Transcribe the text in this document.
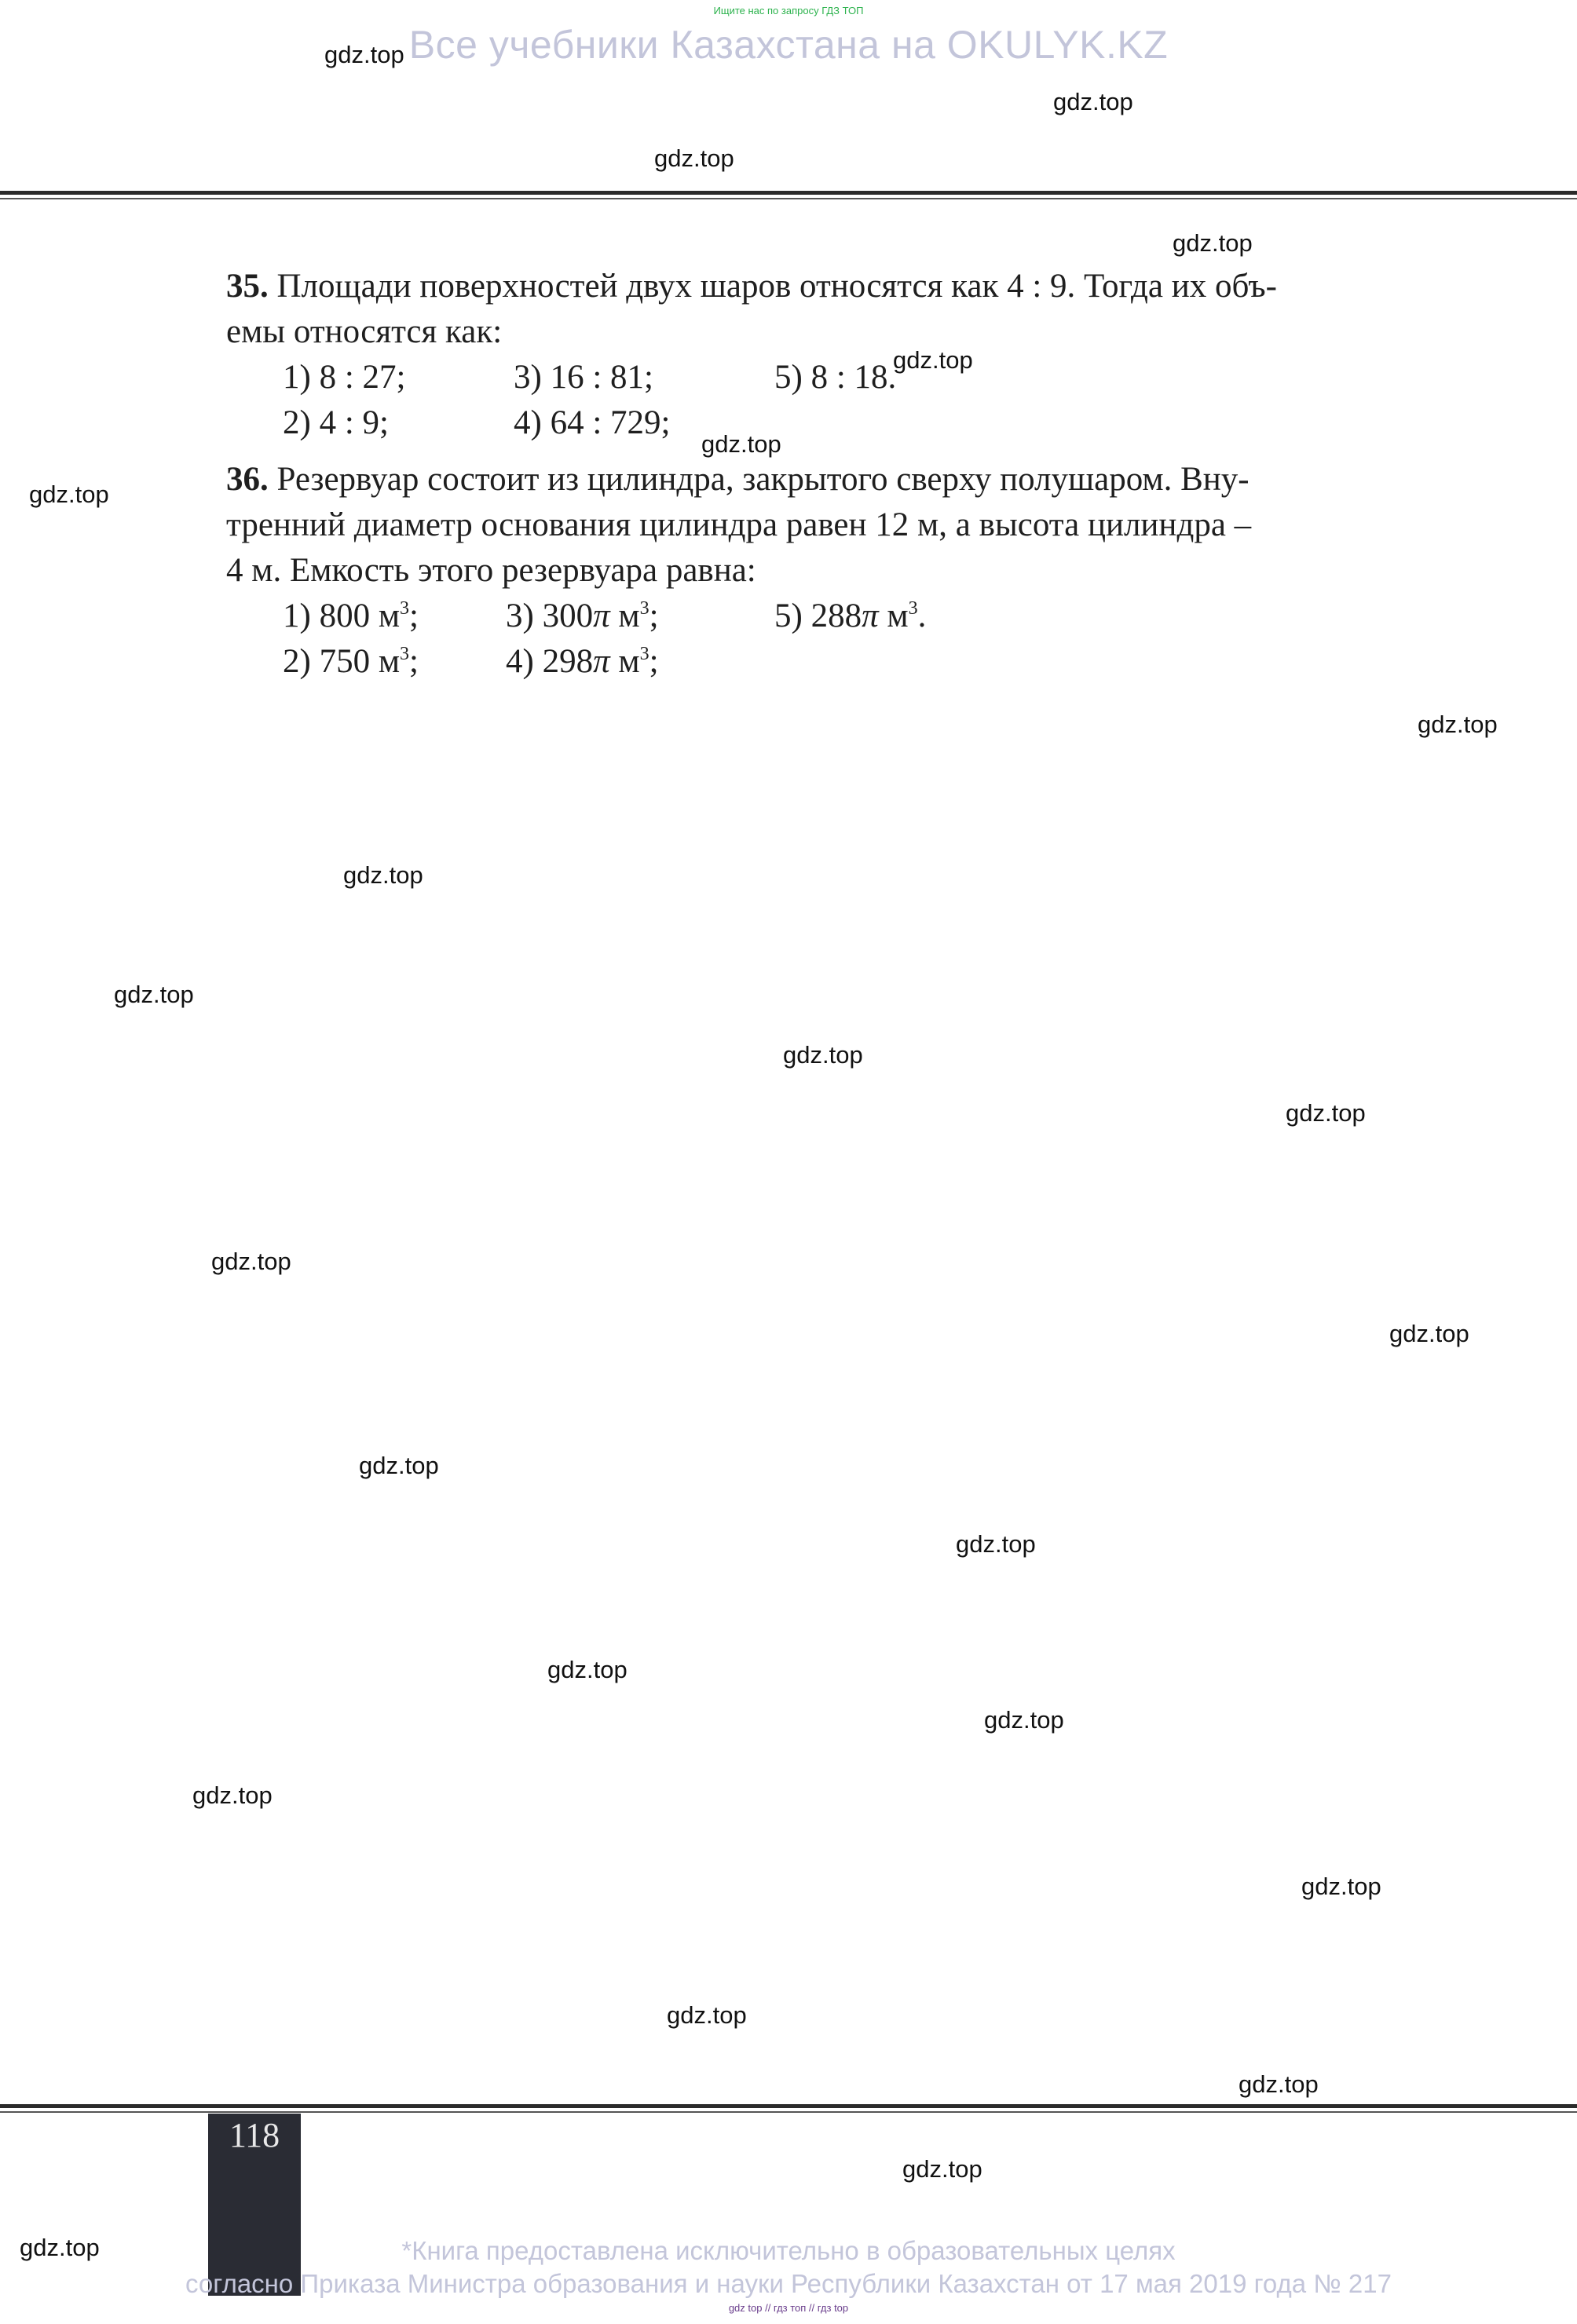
Ищите нас по запросу ГДЗ ТОП
Все учебники Казахстана на OKULYK.KZ
35. Площади поверхностей двух шаров относятся как 4 : 9. Тогда их объ-
емы относятся как:
1) 8 : 27;	3) 16 : 81;	5) 8 : 18.
2) 4 : 9;	4) 64 : 729;
36. Резервуар состоит из цилиндра, закрытого сверху полушаром. Вну-
тренний диаметр основания цилиндра равен 12 м, а высота цилиндра –
4 м. Емкость этого резервуара равна:
1) 800 $м^3$;	3) 300π $м^3$;	5) 288π $м^3$.
2) 750 $м^3$;	4) 298π $м^3$;
118
*Книга предоставлена исключительно в образовательных целях
согласно Приказа Министра образования и науки Республики Казахстан от 17 мая 2019 года № 217
gdz top // гдз топ // гдз top
gdz.top
gdz.top
gdz.top
gdz.top
gdz.top
gdz.top
gdz.top
gdz.top
gdz.top
gdz.top
gdz.top
gdz.top
gdz.top
gdz.top
gdz.top
gdz.top
gdz.top
gdz.top
gdz.top
gdz.top
gdz.top
gdz.top
gdz.top
gdz.top
